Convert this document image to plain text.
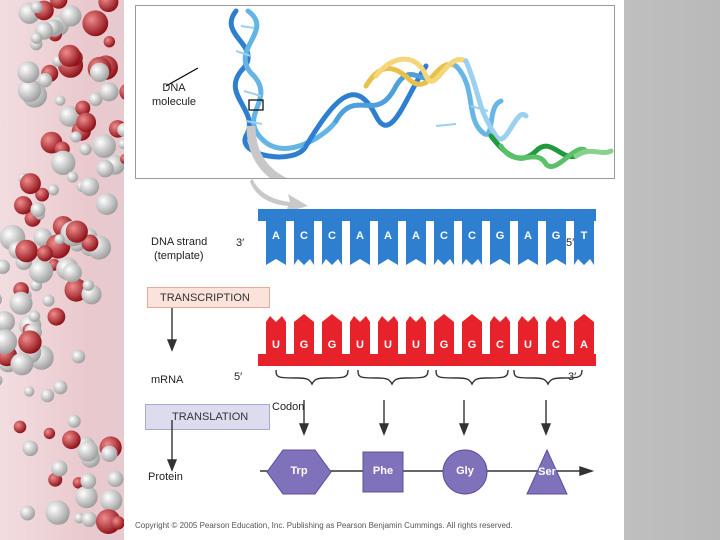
DNA
molecule
DNA strand
(template)
3′	5′
A	C	C	A	A	A	C	C	G	A	G	T
TRANSCRIPTION
U	G	G	U	U	U	G	G	C	U	C	A
mRNA	5′	3′
Codon
TRANSLATION
Protein	Trp	Phe	Gly	Ser
Copyright © 2005 Pearson Education, Inc. Publishing as Pearson Benjamin Cummings. All rights reserved.
